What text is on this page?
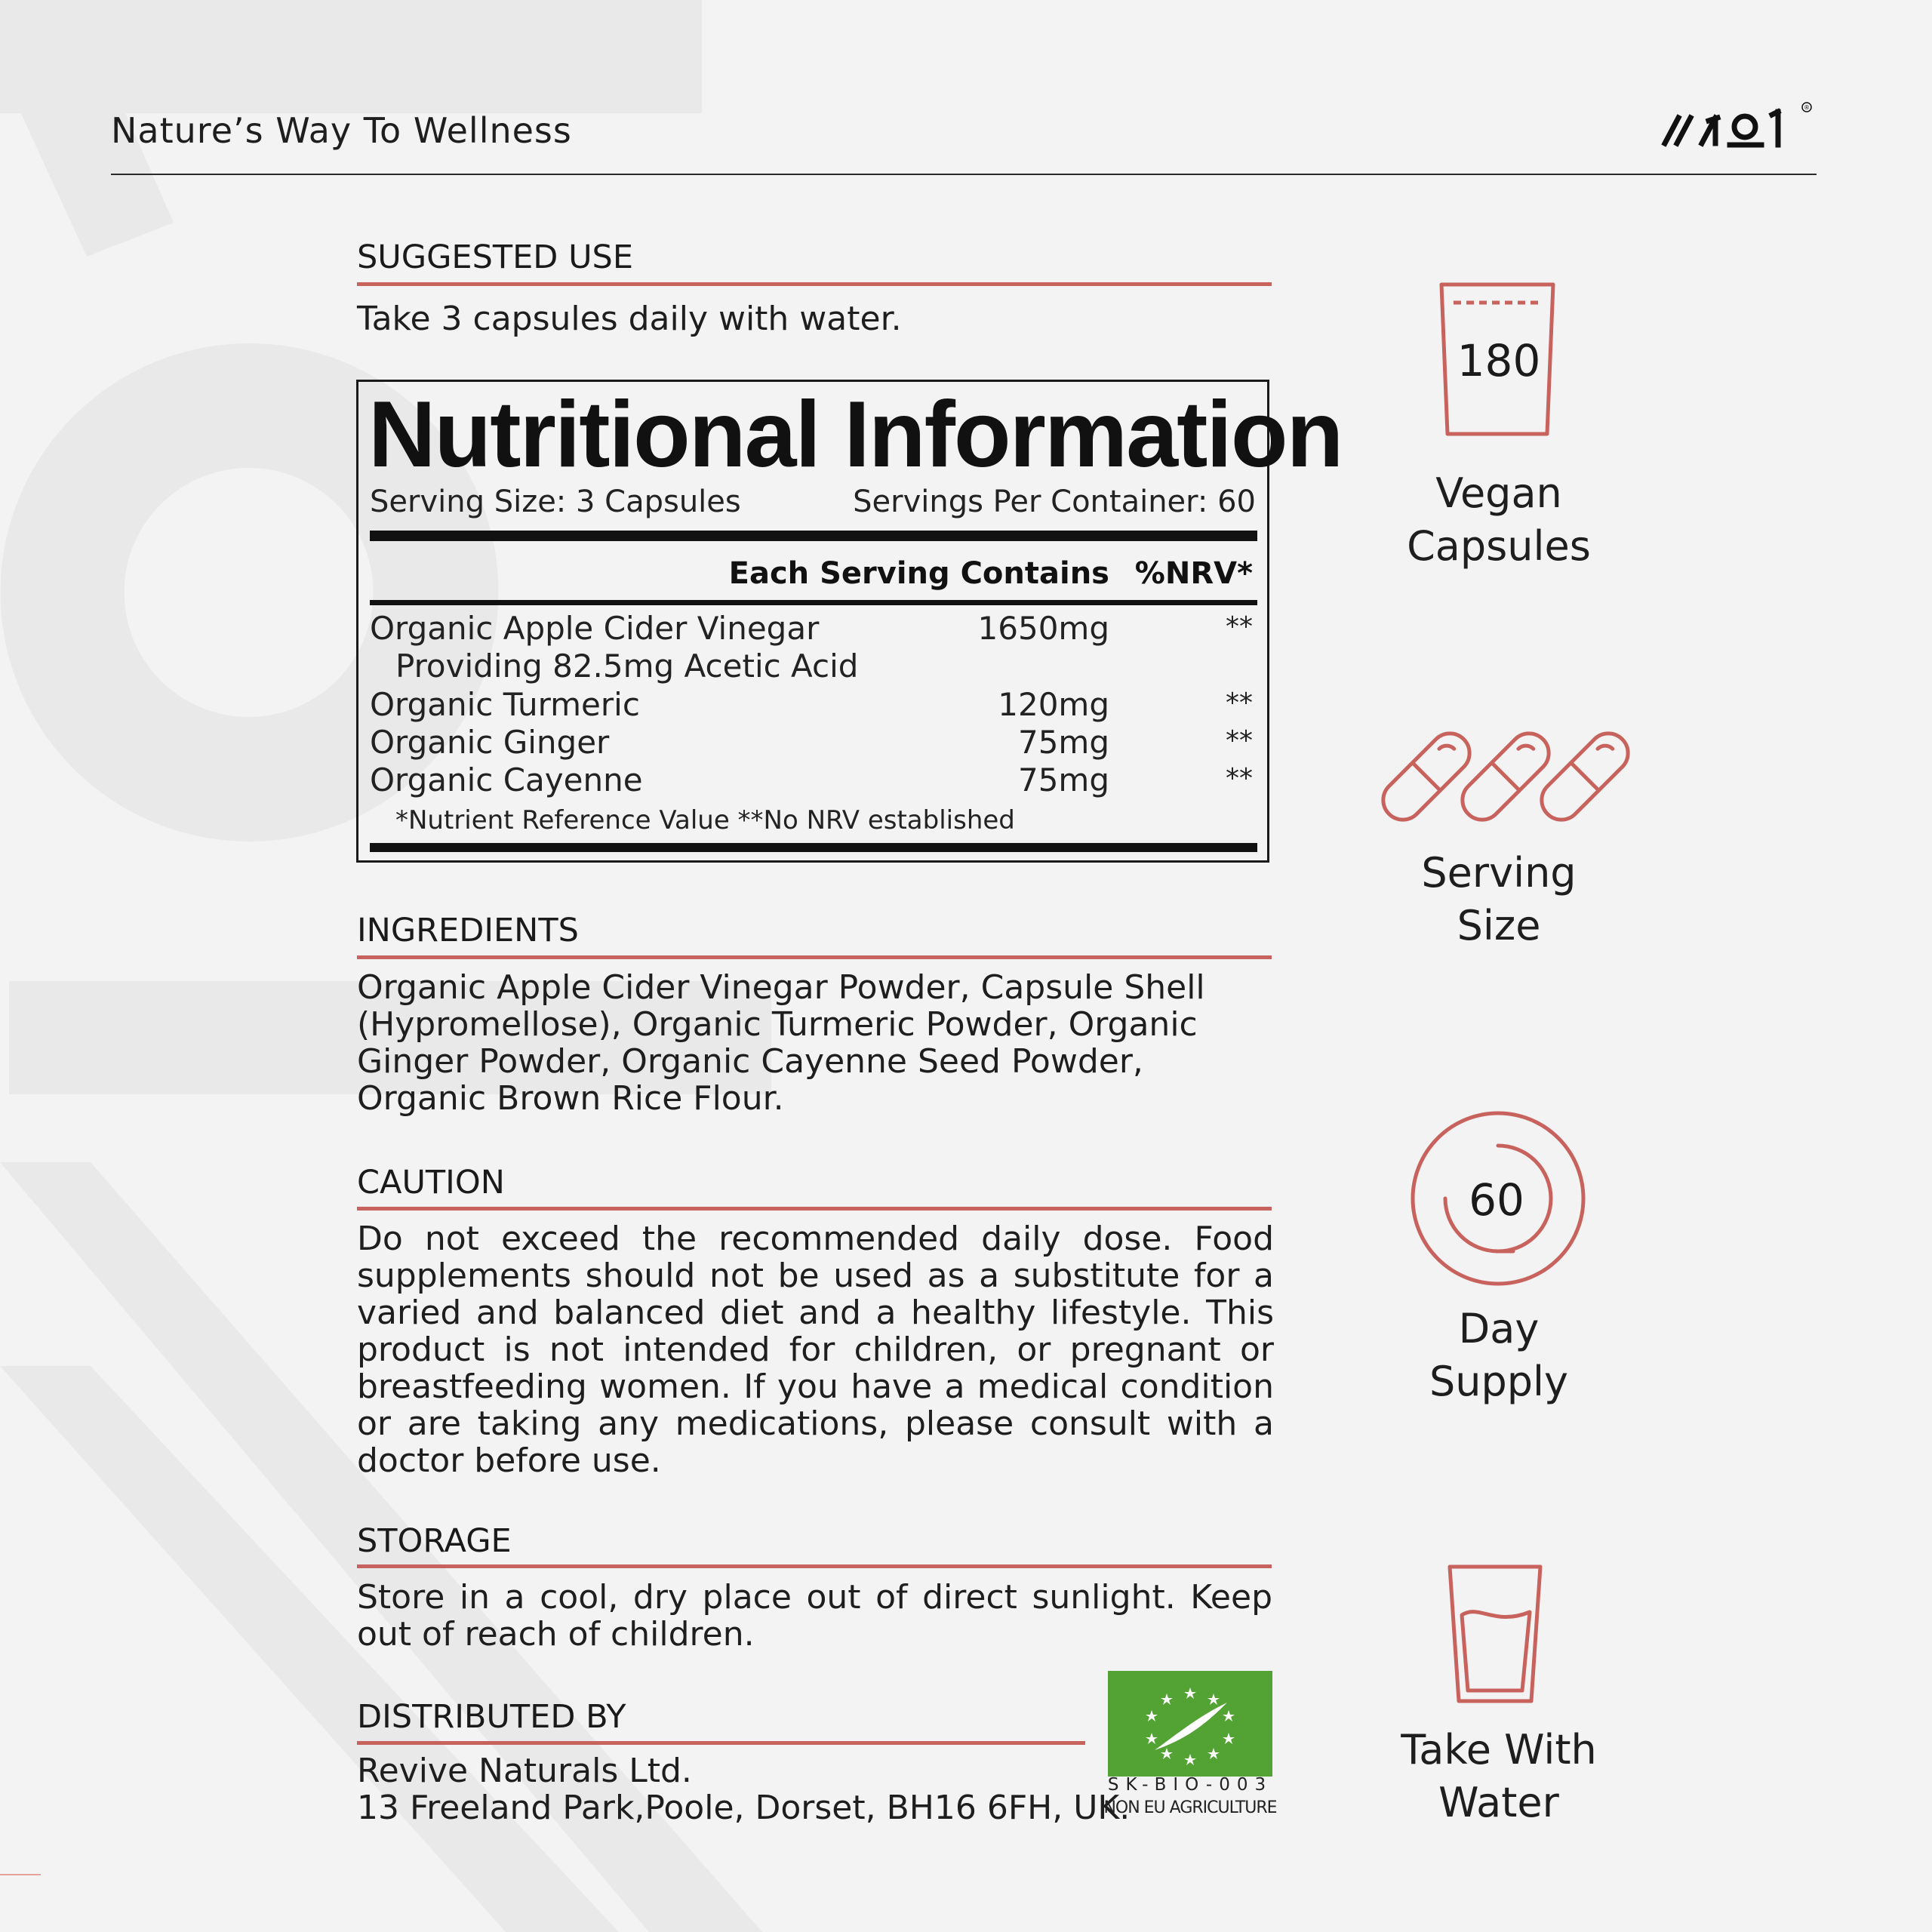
Nature’s Way To Wellness
®
SUGGESTED USE
Take 3 capsules daily with water.
Nutritional Information
Serving Size: 3 Capsules	Servings Per Container: 60
Each Serving Contains %NRV*
Organic Apple Cider Vinegar	1650mg	**
Providing 82.5mg Acetic Acid
Organic Turmeric	120mg	**
Organic Ginger	75mg	**
Organic Cayenne	75mg	**
*Nutrient Reference Value **No NRV established
INGREDIENTS
Organic Apple Cider Vinegar Powder, Capsule Shell (Hypromellose), Organic Turmeric Powder, Organic Ginger Powder, Organic Cayenne Seed Powder, Organic Brown Rice Flour.
CAUTION
Do not exceed the recommended daily dose. Food supplements should not be used as a substitute for a varied and balanced diet and a healthy lifestyle. This product is not intended for children, or pregnant or breastfeeding women. If you have a medical condition or are taking any medications, please consult with a doctor before use.
STORAGE
Store in a cool, dry place out of direct sunlight. Keep out of reach of children.
DISTRIBUTED BY
Revive Naturals Ltd.
13 Freeland Park,Poole, Dorset, BH16 6FH, UK.
SK-BIO-003
NON EU AGRICULTURE
180
Vegan
Capsules
Serving
Size
60
Day
Supply
Take With
Water
